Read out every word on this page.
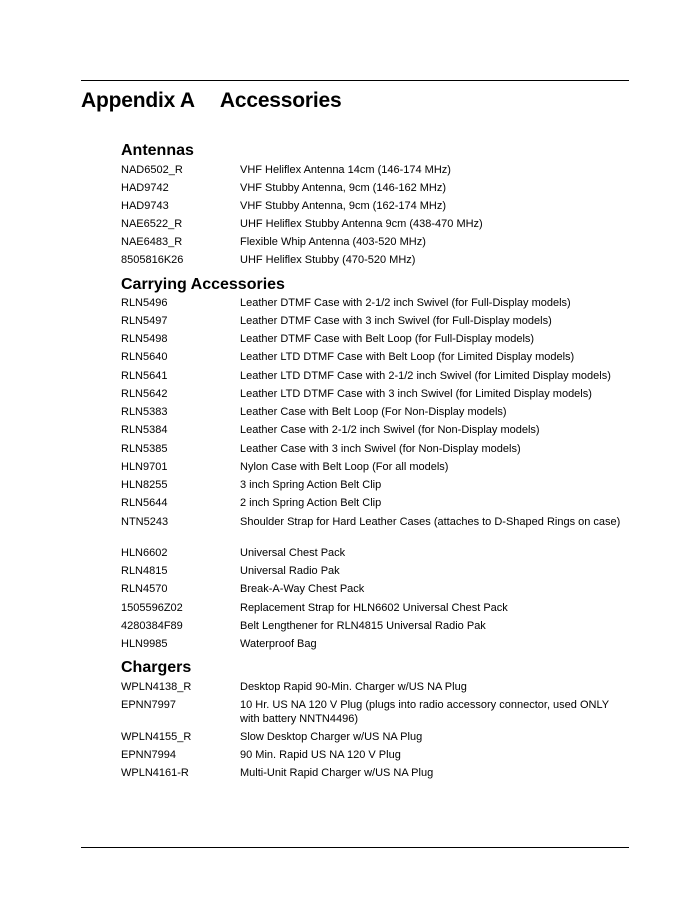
Appendix A Accessories
Antennas
NAD6502_R	VHF Heliflex Antenna 14cm (146-174 MHz)
HAD9742	VHF Stubby Antenna, 9cm (146-162 MHz)
HAD9743	VHF Stubby Antenna, 9cm (162-174 MHz)
NAE6522_R	UHF Heliflex Stubby Antenna 9cm (438-470 MHz)
NAE6483_R	Flexible Whip Antenna (403-520 MHz)
8505816K26	UHF Heliflex Stubby (470-520 MHz)
Carrying Accessories
RLN5496	Leather DTMF Case with 2-1/2 inch Swivel (for Full-Display models)
RLN5497	Leather DTMF Case with 3 inch Swivel (for Full-Display models)
RLN5498	Leather DTMF Case with Belt Loop (for Full-Display models)
RLN5640	Leather LTD DTMF Case with Belt Loop (for Limited Display models)
RLN5641	Leather LTD DTMF Case with 2-1/2 inch Swivel (for Limited Display models)
RLN5642	Leather LTD DTMF Case with 3 inch Swivel (for Limited Display models)
RLN5383	Leather Case with Belt Loop (For Non-Display models)
RLN5384	Leather Case with 2-1/2 inch Swivel (for Non-Display models)
RLN5385	Leather Case with 3 inch Swivel (for Non-Display models)
HLN9701	Nylon Case with Belt Loop (For all models)
HLN8255	3 inch Spring Action Belt Clip
RLN5644	2 inch Spring Action Belt Clip
NTN5243	Shoulder Strap for Hard Leather Cases (attaches to D-Shaped Rings on case)
HLN6602	Universal Chest Pack
RLN4815	Universal Radio Pak
RLN4570	Break-A-Way Chest Pack
1505596Z02	Replacement Strap for HLN6602 Universal Chest Pack
4280384F89	Belt Lengthener for RLN4815 Universal Radio Pak
HLN9985	Waterproof Bag
Chargers
WPLN4138_R	Desktop Rapid 90-Min. Charger w/US NA Plug
EPNN7997	10 Hr. US NA 120 V Plug (plugs into radio accessory connector, used ONLY with battery NNTN4496)
WPLN4155_R	Slow Desktop Charger w/US NA Plug
EPNN7994	90 Min. Rapid US NA 120 V Plug
WPLN4161-R	Multi-Unit Rapid Charger w/US NA Plug
